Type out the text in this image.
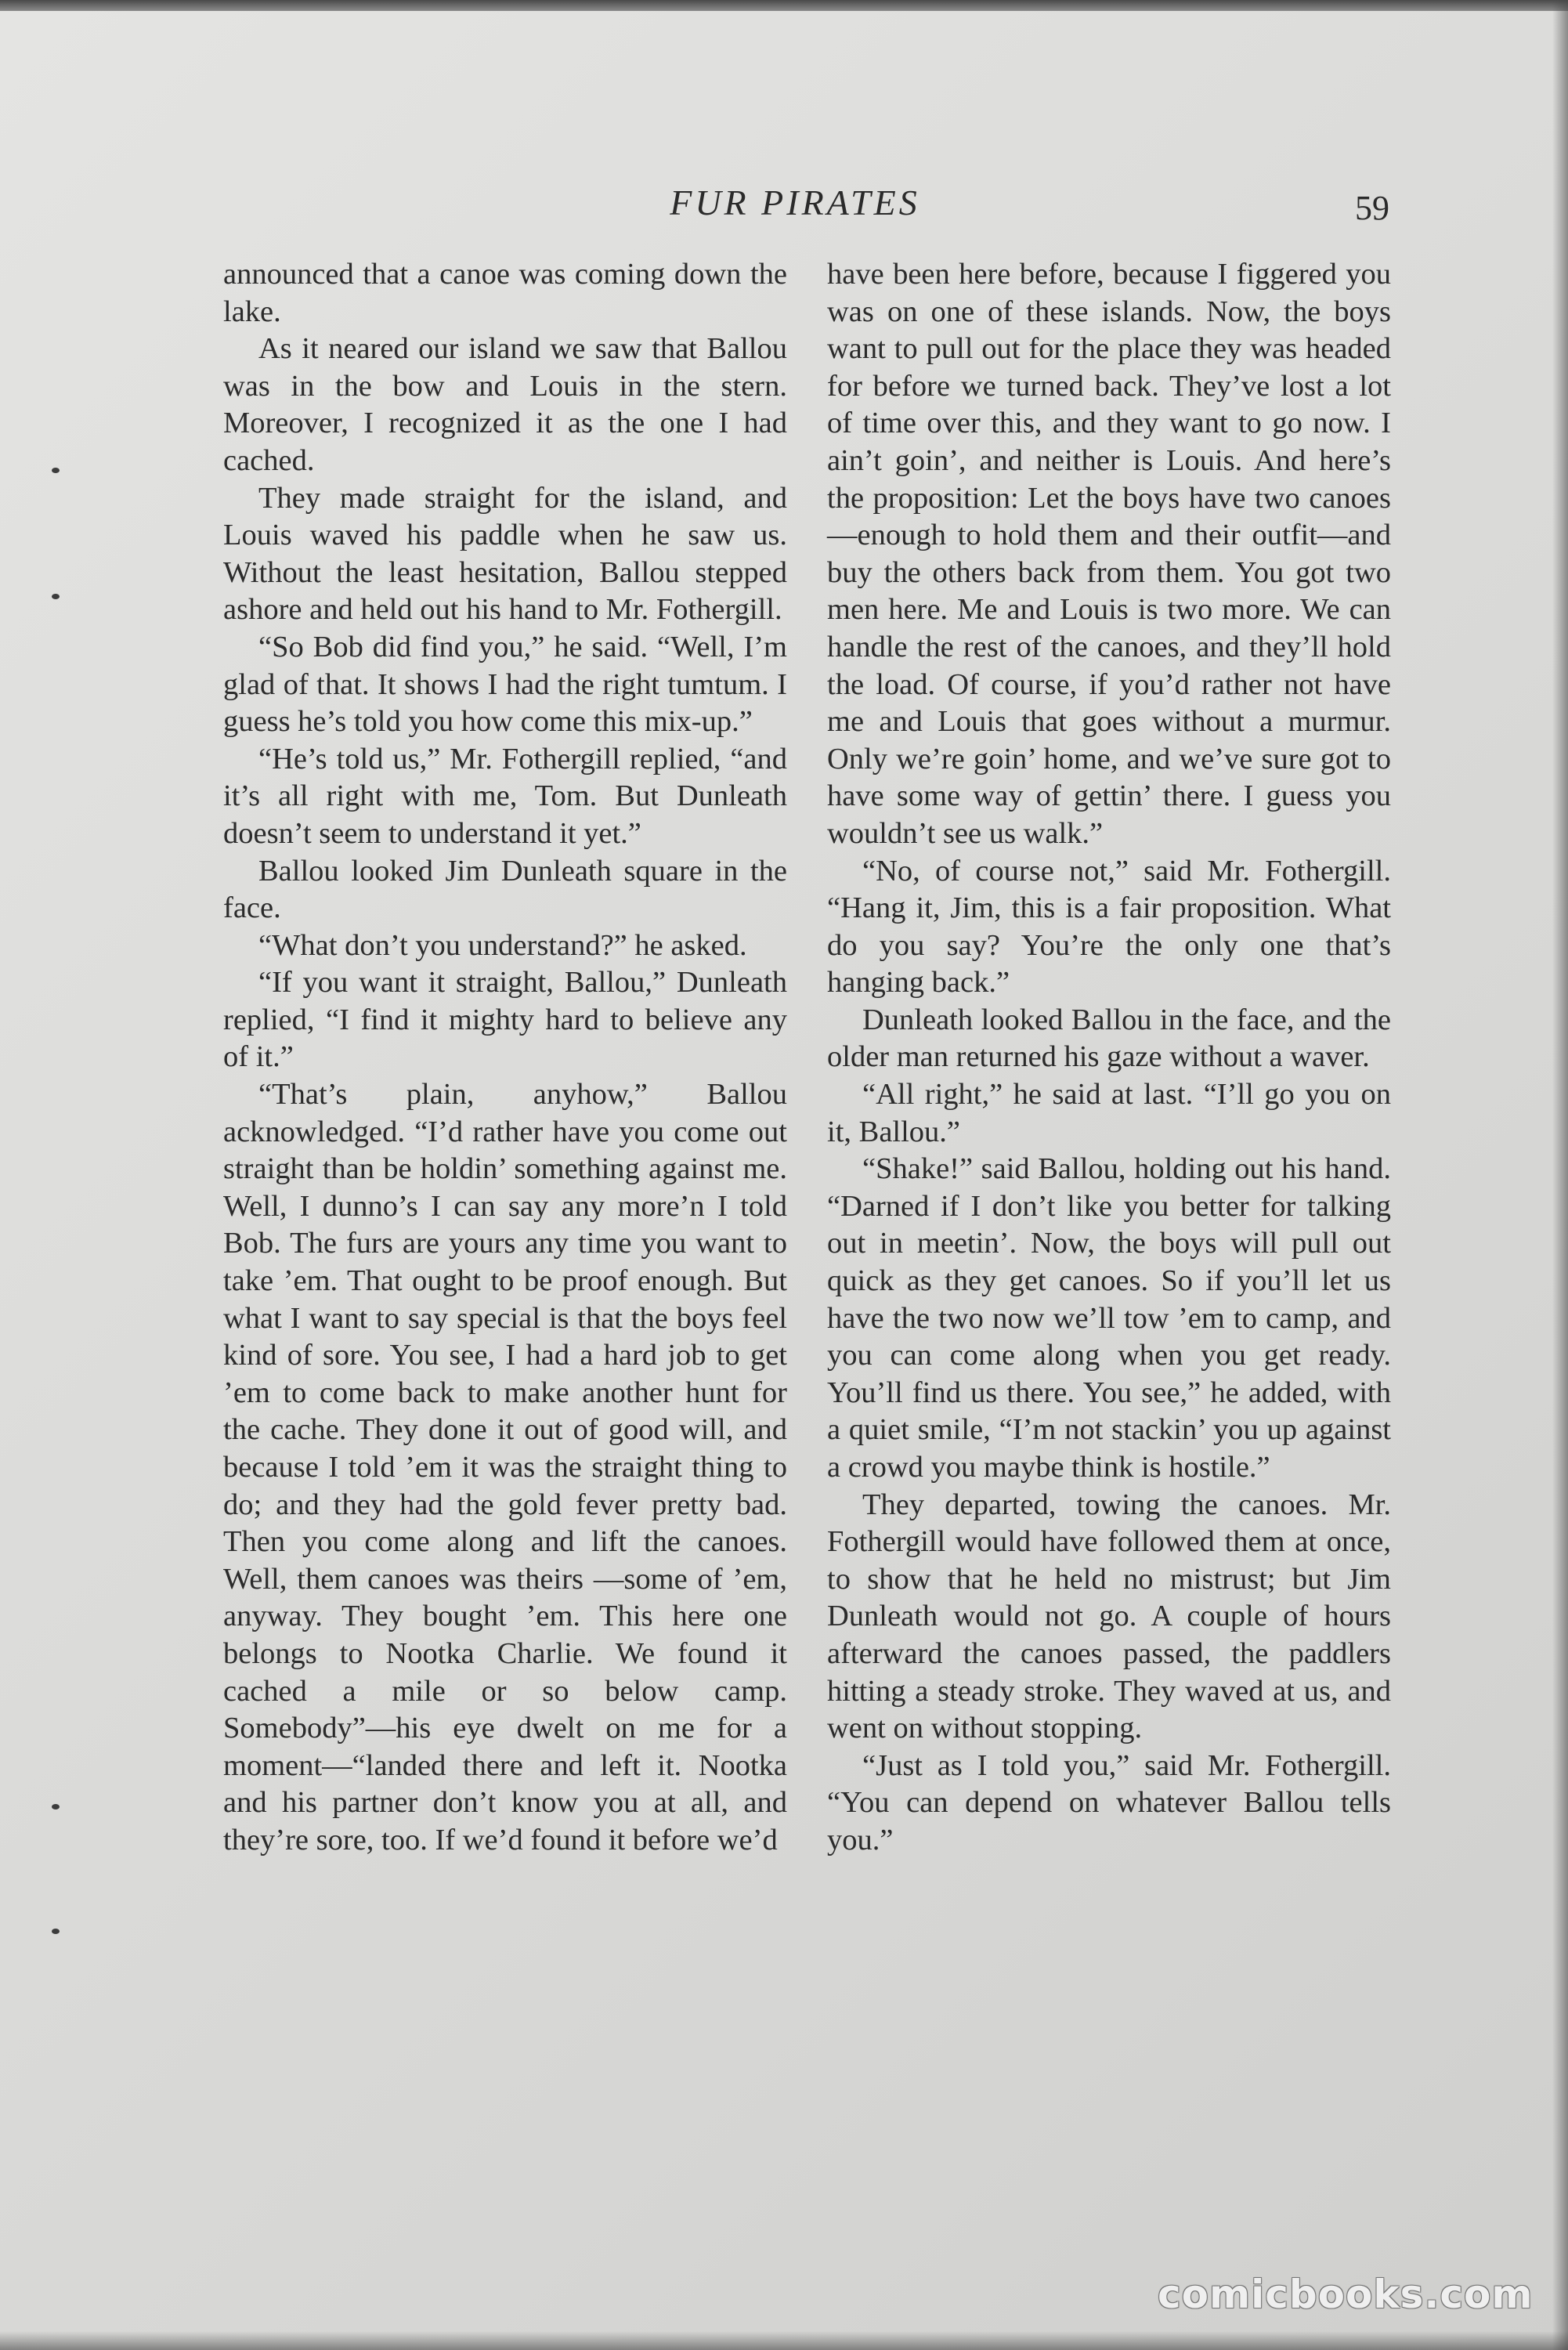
FUR PIRATES	59

announced that a canoe was coming down the lake.

As it neared our island we saw that Ballou was in the bow and Louis in the stern. Moreover, I recognized it as the one I had cached.

They made straight for the island, and Louis waved his paddle when he saw us. Without the least hesitation, Ballou stepped ashore and held out his hand to Mr. Fothergill.

“So Bob did find you,” he said. “Well, I’m glad of that. It shows I had the right tumtum. I guess he’s told you how come this mix-up.”

“He’s told us,” Mr. Fothergill replied, “and it’s all right with me, Tom. But Dunleath doesn’t seem to understand it yet.”

Ballou looked Jim Dunleath square in the face.

“What don’t you understand?” he asked.

“If you want it straight, Ballou,” Dunleath replied, “I find it mighty hard to believe any of it.”

“That’s plain, anyhow,” Ballou acknowledged. “I’d rather have you come out straight than be holdin’ something against me. Well, I dunno’s I can say any more’n I told Bob. The furs are yours any time you want to take ’em. That ought to be proof enough. But what I want to say special is that the boys feel kind of sore. You see, I had a hard job to get ’em to come back to make another hunt for the cache. They done it out of good will, and because I told ’em it was the straight thing to do; and they had the gold fever pretty bad. Then you come along and lift the canoes. Well, them canoes was theirs —some of ’em, anyway. They bought ’em. This here one belongs to Nootka Charlie. We found it cached a mile or so below camp. Somebody”—his eye dwelt on me for a moment—“landed there and left it. Nootka and his partner don’t know you at all, and they’re sore, too. If we’d found it before we’d

have been here before, because I figgered you was on one of these islands. Now, the boys want to pull out for the place they was headed for before we turned back. They’ve lost a lot of time over this, and they want to go now. I ain’t goin’, and neither is Louis. And here’s the proposition: Let the boys have two canoes—enough to hold them and their outfit—and buy the others back from them. You got two men here. Me and Louis is two more. We can handle the rest of the canoes, and they’ll hold the load. Of course, if you’d rather not have me and Louis that goes without a murmur. Only we’re goin’ home, and we’ve sure got to have some way of gettin’ there. I guess you wouldn’t see us walk.”

“No, of course not,” said Mr. Fothergill. “Hang it, Jim, this is a fair proposition. What do you say? You’re the only one that’s hanging back.”

Dunleath looked Ballou in the face, and the older man returned his gaze without a waver.

“All right,” he said at last. “I’ll go you on it, Ballou.”

“Shake!” said Ballou, holding out his hand. “Darned if I don’t like you better for talking out in meetin’. Now, the boys will pull out quick as they get canoes. So if you’ll let us have the two now we’ll tow ’em to camp, and you can come along when you get ready. You’ll find us there. You see,” he added, with a quiet smile, “I’m not stackin’ you up against a crowd you maybe think is hostile.”

They departed, towing the canoes. Mr. Fothergill would have followed them at once, to show that he held no mistrust; but Jim Dunleath would not go. A couple of hours afterward the canoes passed, the paddlers hitting a steady stroke. They waved at us, and went on without stopping.

“Just as I told you,” said Mr. Fothergill. “You can depend on whatever Ballou tells you.”

comicbooks.com
